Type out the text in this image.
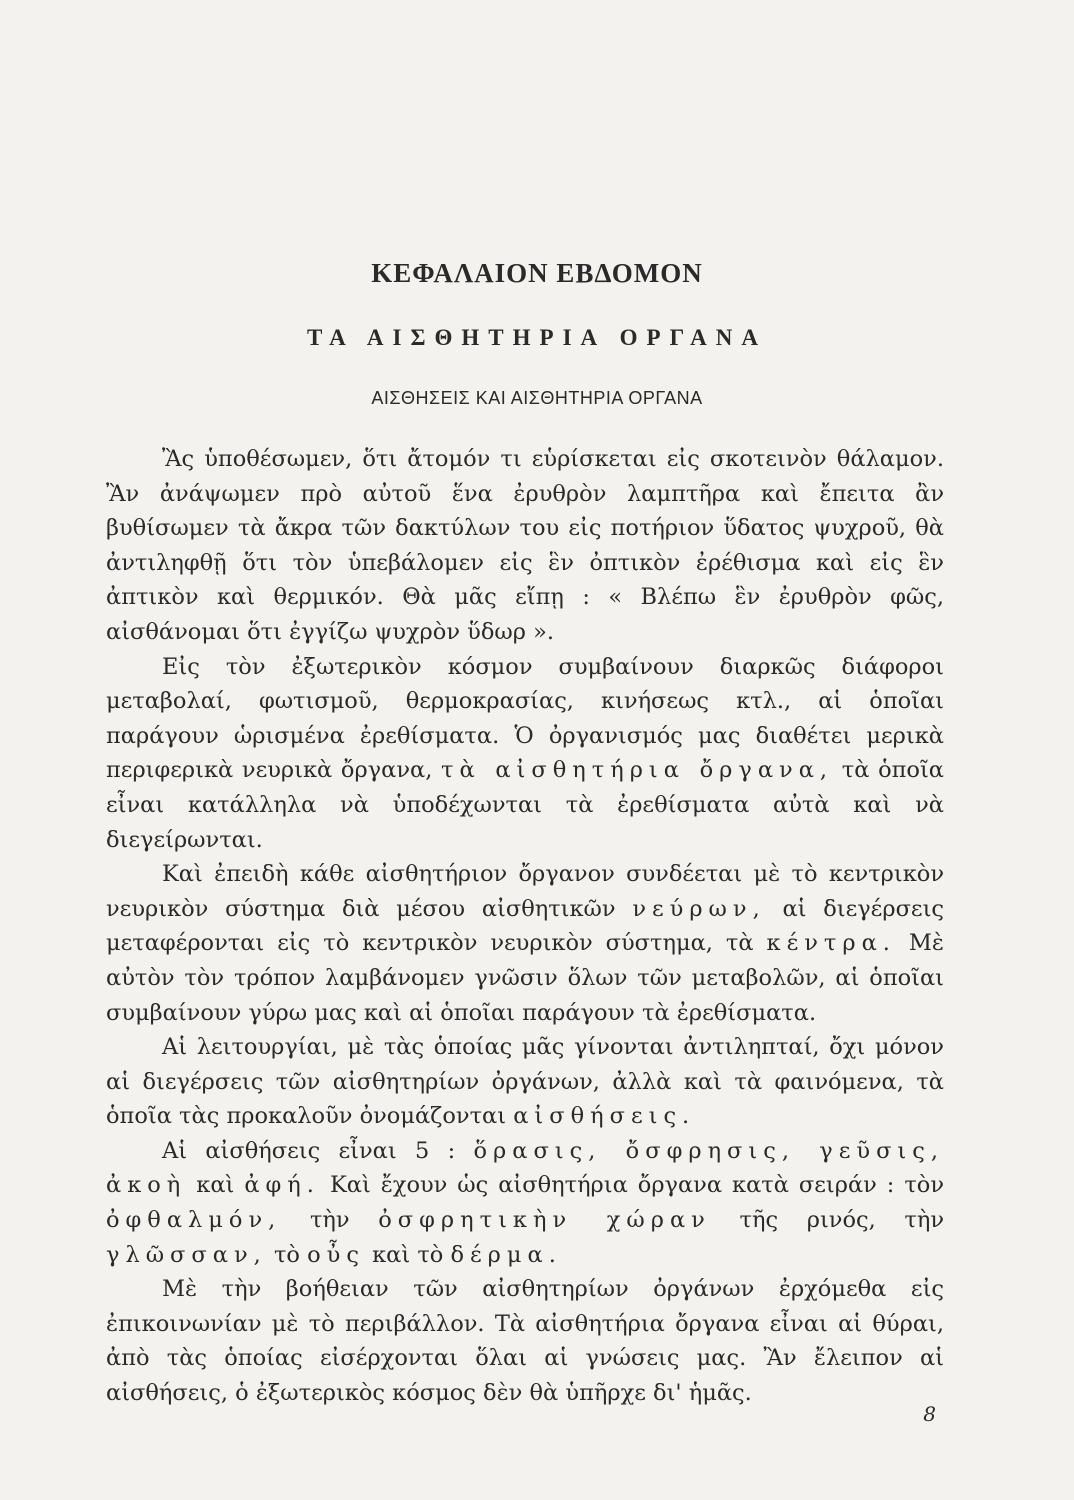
ΚΕΦΑΛΑΙΟΝ ΕΒΔΟΜΟΝ
ΤΑ ΑΙΣΘΗΤΗΡΙΑ ΟΡΓΑΝΑ
ΑΙΣΘΗΣΕΙΣ ΚΑΙ ΑΙΣΘΗΤΗΡΙΑ ΟΡΓΑΝΑ

Ἂς ὑποθέσωμεν, ὅτι ἄτομόν τι εὑρίσκεται εἰς σκοτεινὸν θάλαμον. Ἂν ἀνάψωμεν πρὸ αὐτοῦ ἕνα ἐρυθρὸν λαμπτῆρα καὶ ἔπειτα ἂν βυθίσωμεν τὰ ἄκρα τῶν δακτύλων του εἰς ποτήριον ὕδατος ψυχροῦ, θὰ ἀντιληφθῇ ὅτι τὸν ὑπεβάλομεν εἰς ἓν ὀπτικὸν ἐρέθισμα καὶ εἰς ἓν ἀπτικὸν καὶ θερμικόν. Θὰ μᾶς εἴπῃ : « Βλέπω ἓν ἐρυθρὸν φῶς, αἰσθάνομαι ὅτι ἐγγίζω ψυχρὸν ὕδωρ ».

Εἰς τὸν ἐξωτερικὸν κόσμον συμβαίνουν διαρκῶς διάφοροι μεταβολαί, φωτισμοῦ, θερμοκρασίας, κινήσεως κτλ., αἱ ὁποῖαι παράγουν ὡρισμένα ἐρεθίσματα. Ὁ ὀργανισμός μας διαθέτει μερικὰ περιφερικὰ νευρικὰ ὄργανα, τὰ αἰσθητήρια ὄργανα, τὰ ὁποῖα εἶναι κατάλληλα νὰ ὑποδέχωνται τὰ ἐρεθίσματα αὐτὰ καὶ νὰ διεγείρωνται.

Καὶ ἐπειδὴ κάθε αἰσθητήριον ὄργανον συνδέεται μὲ τὸ κεντρικὸν νευρικὸν σύστημα διὰ μέσου αἰσθητικῶν νεύρων, αἱ διεγέρσεις μεταφέρονται εἰς τὸ κεντρικὸν νευρικὸν σύστημα, τὰ κέντρα. Μὲ αὐτὸν τὸν τρόπον λαμβάνομεν γνῶσιν ὅλων τῶν μεταβολῶν, αἱ ὁποῖαι συμβαίνουν γύρω μας καὶ αἱ ὁποῖαι παράγουν τὰ ἐρεθίσματα.

Αἱ λειτουργίαι, μὲ τὰς ὁποίας μᾶς γίνονται ἀντιληπταί, ὄχι μόνον αἱ διεγέρσεις τῶν αἰσθητηρίων ὀργάνων, ἀλλὰ καὶ τὰ φαινόμενα, τὰ ὁποῖα τὰς προκαλοῦν ὀνομάζονται αἰσθήσεις.

Αἱ αἰσθήσεις εἶναι 5 : ὅρασις, ὄσφρησις, γεῦσις, ἀκοὴ καὶ ἀφή. Καὶ ἔχουν ὡς αἰσθητήρια ὄργανα κατὰ σειράν : τὸν ὀφθαλμόν, τὴν ὀσφρητικὴν χώραν τῆς ρινός, τὴν γλῶσσαν, τὸ οὖς καὶ τὸ δέρμα.

Μὲ τὴν βοήθειαν τῶν αἰσθητηρίων ὀργάνων ἐρχόμεθα εἰς ἐπικοινωνίαν μὲ τὸ περιβάλλον. Τὰ αἰσθητήρια ὄργανα εἶναι αἱ θύραι, ἀπὸ τὰς ὁποίας εἰσέρχονται ὅλαι αἱ γνώσεις μας. Ἂν ἔλειπον αἱ αἰσθήσεις, ὁ ἐξωτερικὸς κόσμος δὲν θὰ ὑπῆρχε δι' ἡμᾶς.

8
